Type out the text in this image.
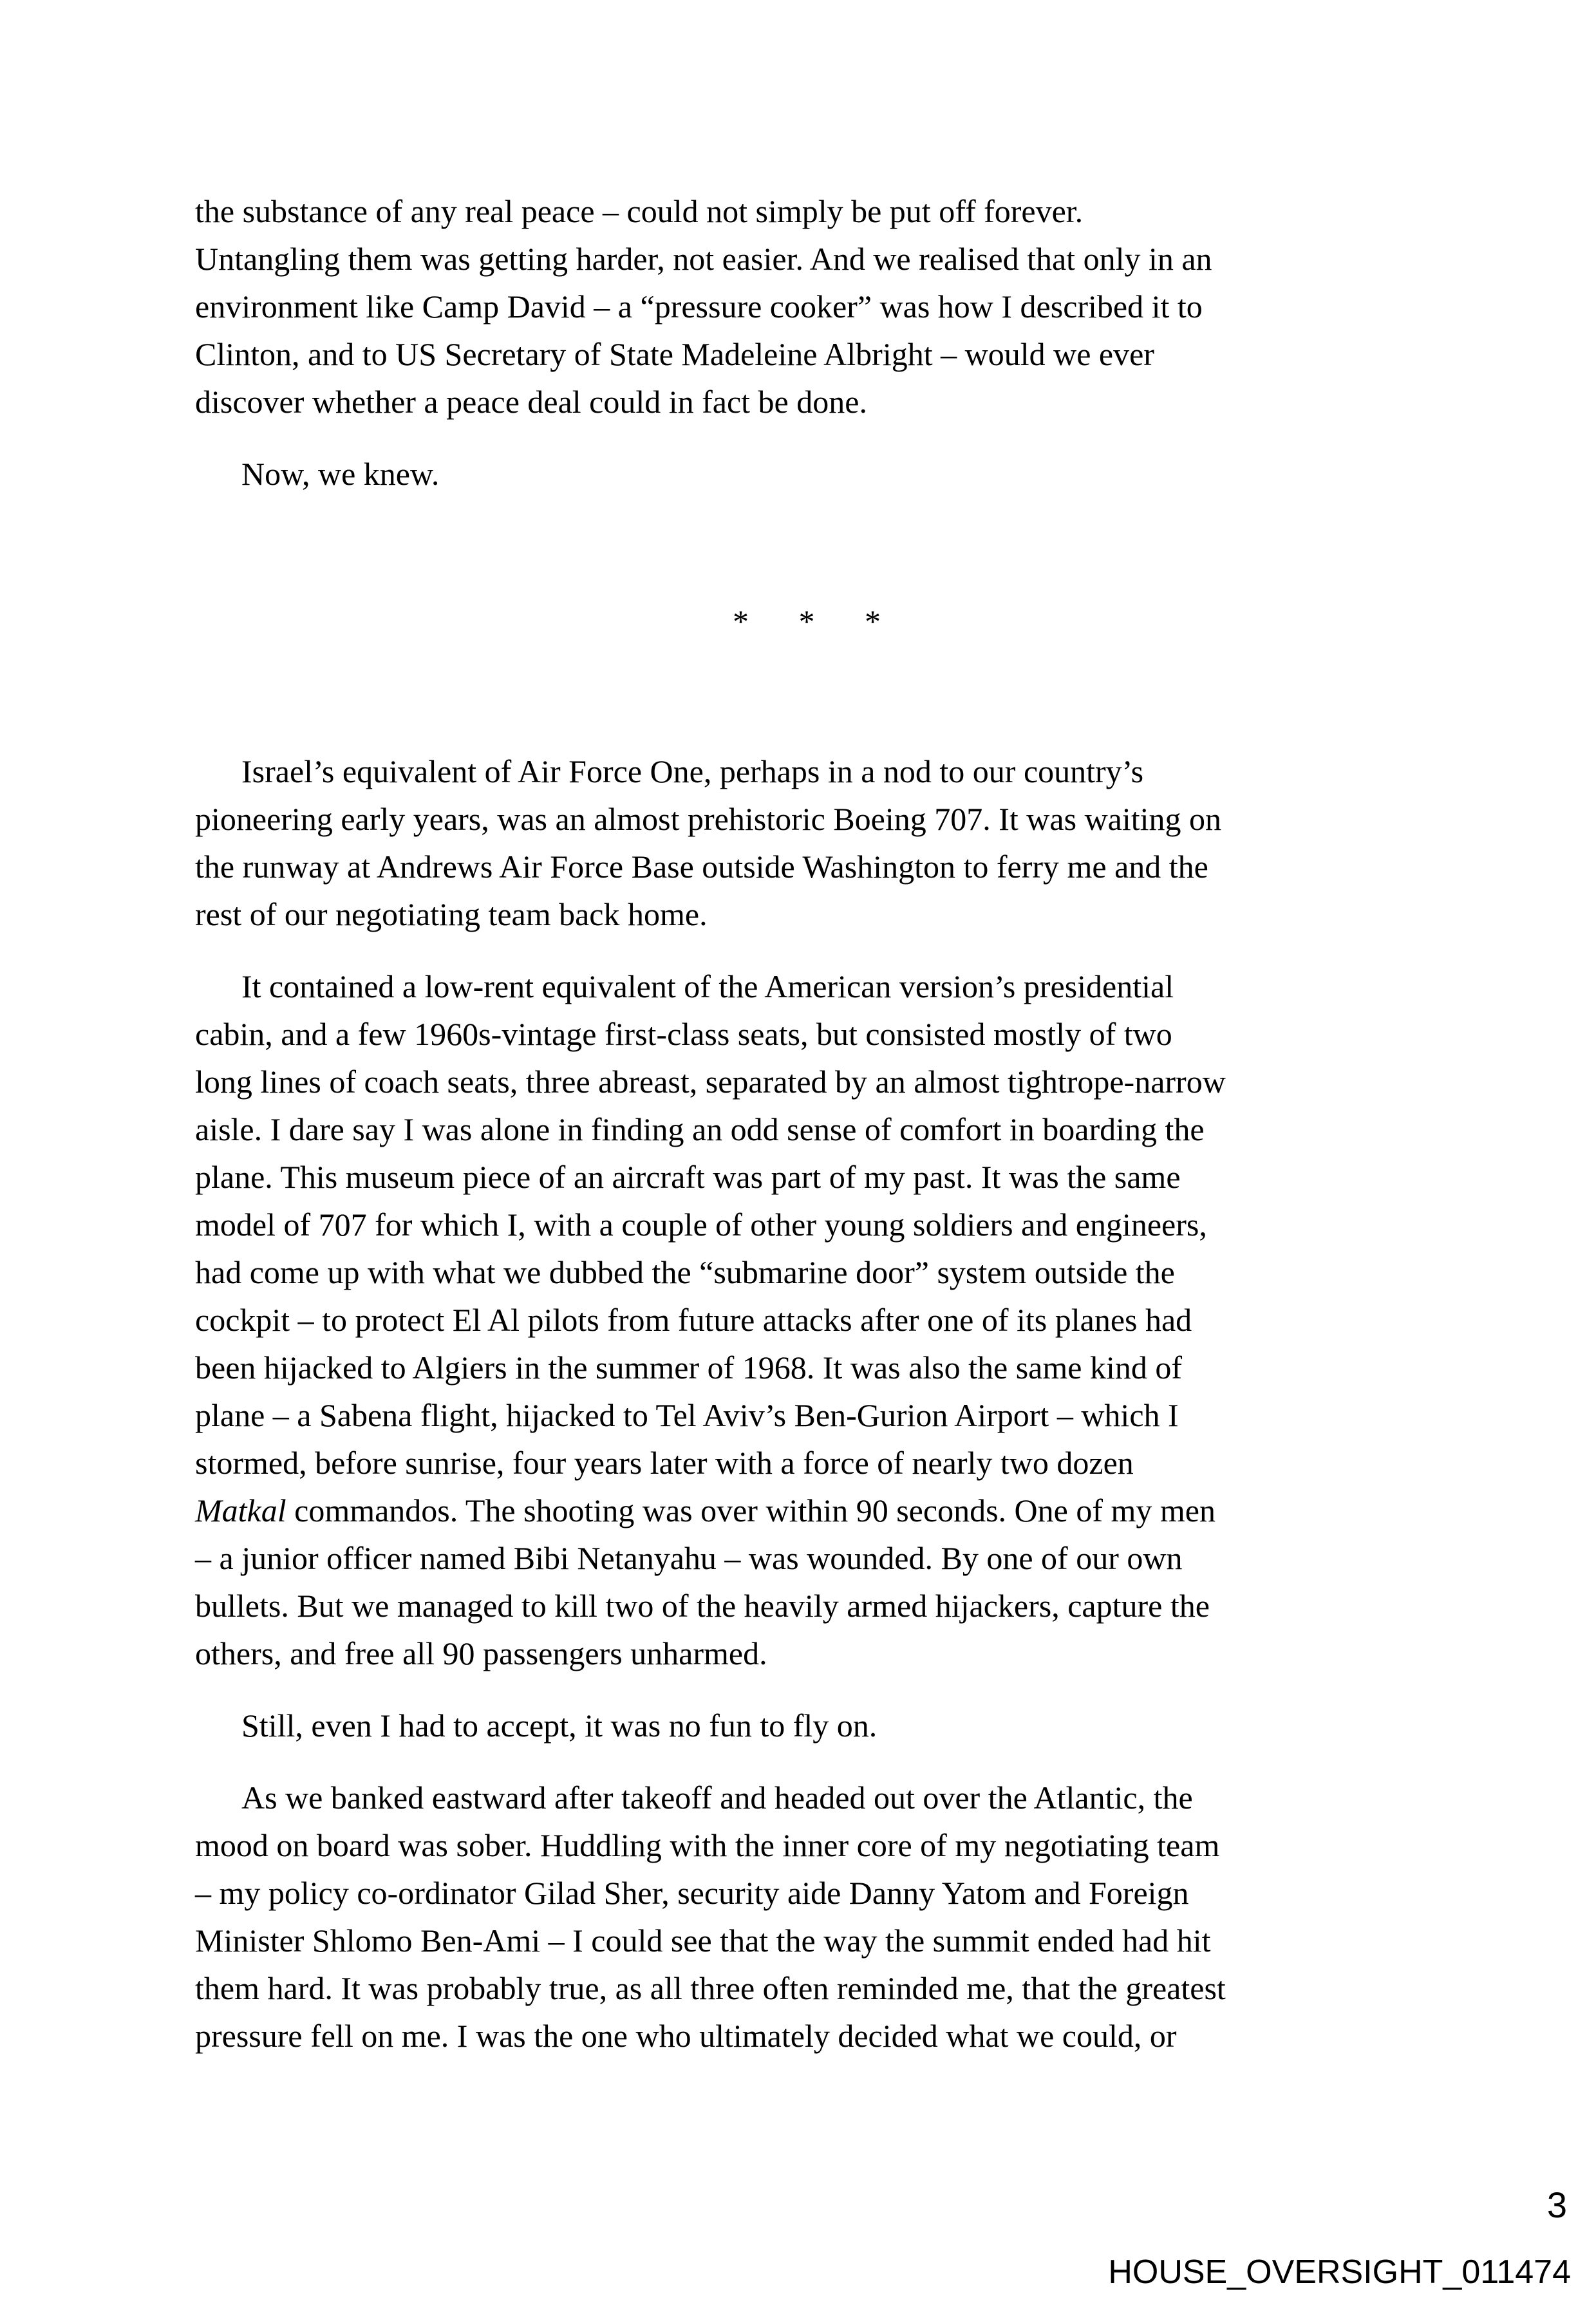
the substance of any real peace – could not simply be put off forever.
Untangling them was getting harder, not easier. And we realised that only in an
environment like Camp David – a “pressure cooker” was how I described it to
Clinton, and to US Secretary of State Madeleine Albright – would we ever
discover whether a peace deal could in fact be done.
Now, we knew.
* * *
Israel’s equivalent of Air Force One, perhaps in a nod to our country’s
pioneering early years, was an almost prehistoric Boeing 707. It was waiting on
the runway at Andrews Air Force Base outside Washington to ferry me and the
rest of our negotiating team back home.
It contained a low-rent equivalent of the American version’s presidential
cabin, and a few 1960s-vintage first-class seats, but consisted mostly of two
long lines of coach seats, three abreast, separated by an almost tightrope-narrow
aisle. I dare say I was alone in finding an odd sense of comfort in boarding the
plane. This museum piece of an aircraft was part of my past. It was the same
model of 707 for which I, with a couple of other young soldiers and engineers,
had come up with what we dubbed the “submarine door” system outside the
cockpit – to protect El Al pilots from future attacks after one of its planes had
been hijacked to Algiers in the summer of 1968. It was also the same kind of
plane – a Sabena flight, hijacked to Tel Aviv’s Ben-Gurion Airport – which I
stormed, before sunrise, four years later with a force of nearly two dozen
Matkal commandos. The shooting was over within 90 seconds. One of my men
– a junior officer named Bibi Netanyahu – was wounded. By one of our own
bullets. But we managed to kill two of the heavily armed hijackers, capture the
others, and free all 90 passengers unharmed.
Still, even I had to accept, it was no fun to fly on.
As we banked eastward after takeoff and headed out over the Atlantic, the
mood on board was sober. Huddling with the inner core of my negotiating team
– my policy co-ordinator Gilad Sher, security aide Danny Yatom and Foreign
Minister Shlomo Ben-Ami – I could see that the way the summit ended had hit
them hard. It was probably true, as all three often reminded me, that the greatest
pressure fell on me. I was the one who ultimately decided what we could, or
3
HOUSE_OVERSIGHT_011474
